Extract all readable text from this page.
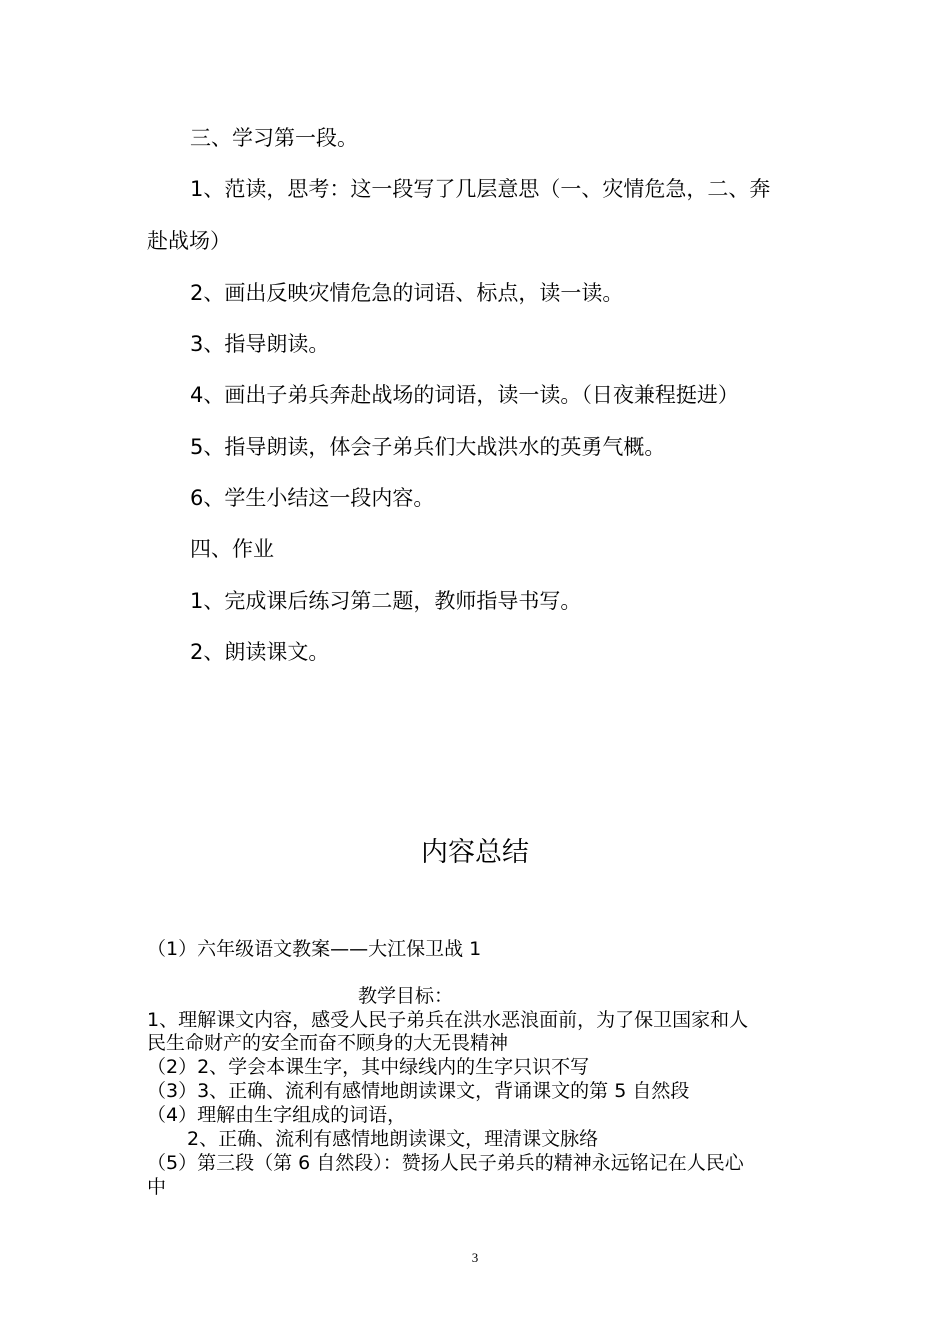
三、学习第一段。
1、范读，思考：这一段写了几层意思（一、灾情危急，二、奔
赴战场）
2、画出反映灾情危急的词语、标点，读一读。
3、指导朗读。
4、画出子弟兵奔赴战场的词语，读一读。（日夜兼程挺进）
5、指导朗读，体会子弟兵们大战洪水的英勇气概。
6、学生小结这一段内容。
四、作业
1、完成课后练习第二题，教师指导书写。
2、朗读课文。
内容总结
（1）六年级语文教案——大江保卫战 1
教学目标：
1、理解课文内容，感受人民子弟兵在洪水恶浪面前，为了保卫国家和人
民生命财产的安全而奋不顾身的大无畏精神
（2）2、学会本课生字，其中绿线内的生字只识不写
（3）3、正确、流利有感情地朗读课文，背诵课文的第 5 自然段
（4）理解由生字组成的词语，
2、正确、流利有感情地朗读课文，理清课文脉络
（5）第三段（第 6 自然段）：赞扬人民子弟兵的精神永远铭记在人民心
中
3
